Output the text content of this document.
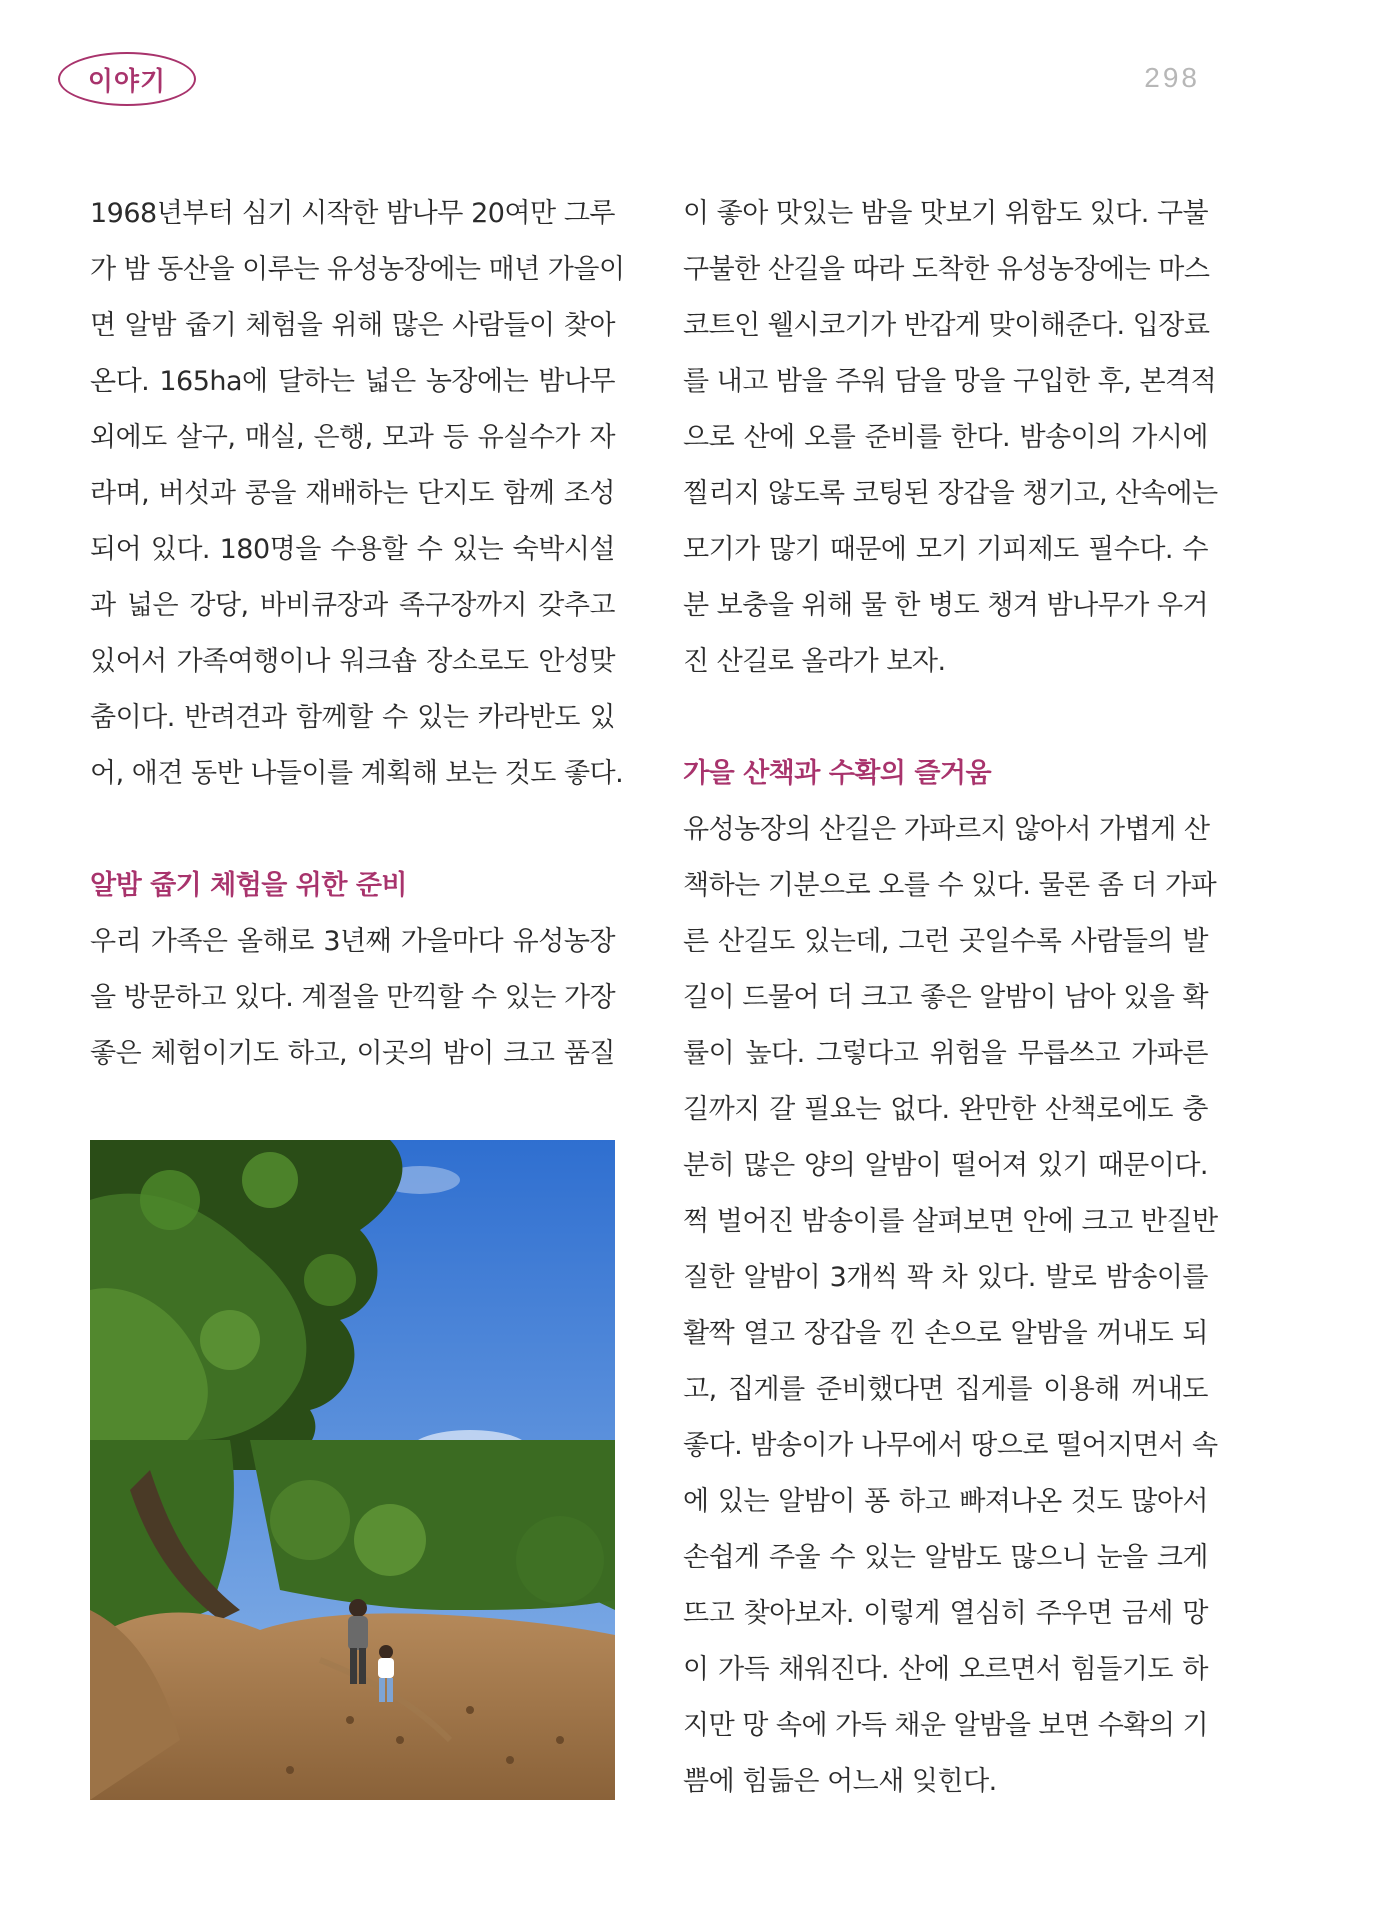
이야기	298
1968년부터 심기 시작한 밤나무 20여만 그루
가 밤 동산을 이루는 유성농장에는 매년 가을이
면 알밤 줍기 체험을 위해 많은 사람들이 찾아
온다. 165ha에 달하는 넓은 농장에는 밤나무
외에도 살구, 매실, 은행, 모과 등 유실수가 자
라며, 버섯과 콩을 재배하는 단지도 함께 조성
되어 있다. 180명을 수용할 수 있는 숙박시설
과 넓은 강당, 바비큐장과 족구장까지 갖추고
있어서 가족여행이나 워크숍 장소로도 안성맞
춤이다. 반려견과 함께할 수 있는 카라반도 있
어, 애견 동반 나들이를 계획해 보는 것도 좋다.
알밤 줍기 체험을 위한 준비
우리 가족은 올해로 3년째 가을마다 유성농장
을 방문하고 있다. 계절을 만끽할 수 있는 가장
좋은 체험이기도 하고, 이곳의 밤이 크고 품질
이 좋아 맛있는 밤을 맛보기 위함도 있다. 구불
구불한 산길을 따라 도착한 유성농장에는 마스
코트인 웰시코기가 반갑게 맞이해준다. 입장료
를 내고 밤을 주워 담을 망을 구입한 후, 본격적
으로 산에 오를 준비를 한다. 밤송이의 가시에
찔리지 않도록 코팅된 장갑을 챙기고, 산속에는
모기가 많기 때문에 모기 기피제도 필수다. 수
분 보충을 위해 물 한 병도 챙겨 밤나무가 우거
진 산길로 올라가 보자.
가을 산책과 수확의 즐거움
유성농장의 산길은 가파르지 않아서 가볍게 산
책하는 기분으로 오를 수 있다. 물론 좀 더 가파
른 산길도 있는데, 그런 곳일수록 사람들의 발
길이 드물어 더 크고 좋은 알밤이 남아 있을 확
률이 높다. 그렇다고 위험을 무릅쓰고 가파른
길까지 갈 필요는 없다. 완만한 산책로에도 충
분히 많은 양의 알밤이 떨어져 있기 때문이다.
쩍 벌어진 밤송이를 살펴보면 안에 크고 반질반
질한 알밤이 3개씩 꽉 차 있다. 발로 밤송이를
활짝 열고 장갑을 낀 손으로 알밤을 꺼내도 되
고, 집게를 준비했다면 집게를 이용해 꺼내도
좋다. 밤송이가 나무에서 땅으로 떨어지면서 속
에 있는 알밤이 퐁 하고 빠져나온 것도 많아서
손쉽게 주울 수 있는 알밤도 많으니 눈을 크게
뜨고 찾아보자. 이렇게 열심히 주우면 금세 망
이 가득 채워진다. 산에 오르면서 힘들기도 하
지만 망 속에 가득 채운 알밤을 보면 수확의 기
쁨에 힘듦은 어느새 잊힌다.
